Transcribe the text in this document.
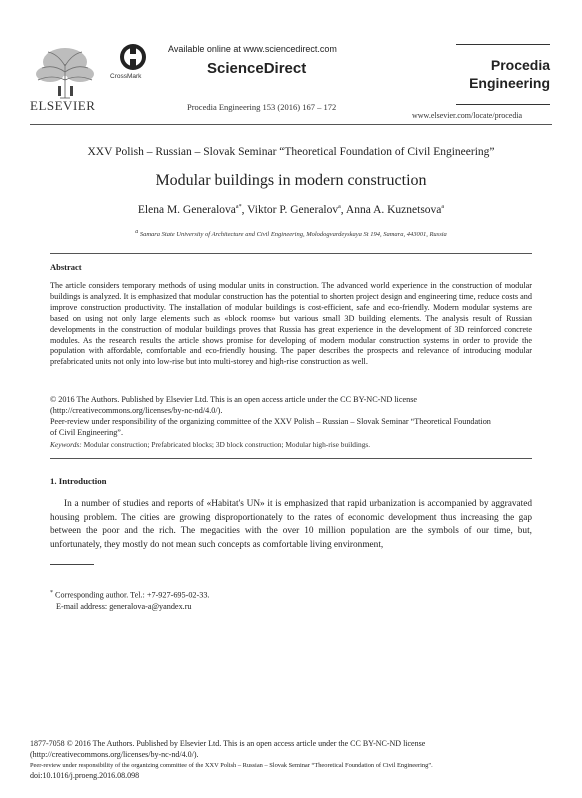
ELSEVIER
CrossMark
Available online at www.sciencedirect.com
ScienceDirect
Procedia Engineering 153 (2016) 167 – 172
Procedia
Engineering
www.elsevier.com/locate/procedia
XXV Polish – Russian – Slovak Seminar “Theoretical Foundation of Civil Engineering”
Modular buildings in modern construction
Elena M. Generalova$^{a*}$, Viktor P. Generalov$^a$, Anna A. Kuznetsova$^a$
$^a$ Samara State University of Architecture and Civil Engineering, Molodogvardeyskaya St 194, Samara, 443001, Russia
Abstract
The article considers temporary methods of using modular units in construction. The advanced world experience in the construction of modular buildings is analyzed. It is emphasized that modular construction has the potential to shorten project design and engineering time, reduce costs and improve construction productivity. The installation of modular buildings is cost-efficient, safe and eco-friendly. Modern modular systems are based on using not only large elements such as «block rooms» but various small 3D building elements. The analysis result of Russian developments in the construction of modular buildings proves that Russia has great experience in the development of 3D reinforced concrete modules. As the research results the article shows promise for developing of modern modular construction systems in order to provide the population with affordable, comfortable and eco-friendly housing. The paper describes the prospects and relevance of introducing modular prefabricated units not only into low-rise but into multi-storey and high-rise construction as well.
© 2016 The Authors. Published by Elsevier Ltd. This is an open access article under the CC BY-NC-ND license
(http://creativecommons.org/licenses/by-nc-nd/4.0/).
Peer-review under responsibility of the organizing committee of the XXV Polish – Russian – Slovak Seminar “Theoretical Foundation
of Civil Engineering”.
Keywords: Modular construction; Prefabricated blocks; 3D block construction; Modular high-rise buildings.
1. Introduction
In a number of studies and reports of «Habitat's UN» it is emphasized that rapid urbanization is accompanied by aggravated housing problem. The cities are growing disproportionately to the rates of economic development thus increasing the gap between the poor and the rich. The megacities with the over 10 million population are the symbols of our time, but, unfortunately, they mostly do not mean such concepts as comfortable living environment,
* Corresponding author. Tel.: +7-927-695-02-33.
E-mail address: generalova-a@yandex.ru
1877-7058 © 2016 The Authors. Published by Elsevier Ltd. This is an open access article under the CC BY-NC-ND license
(http://creativecommons.org/licenses/by-nc-nd/4.0/).
Peer-review under responsibility of the organizing committee of the XXV Polish – Russian – Slovak Seminar “Theoretical Foundation of Civil Engineering”.
doi:10.1016/j.proeng.2016.08.098
